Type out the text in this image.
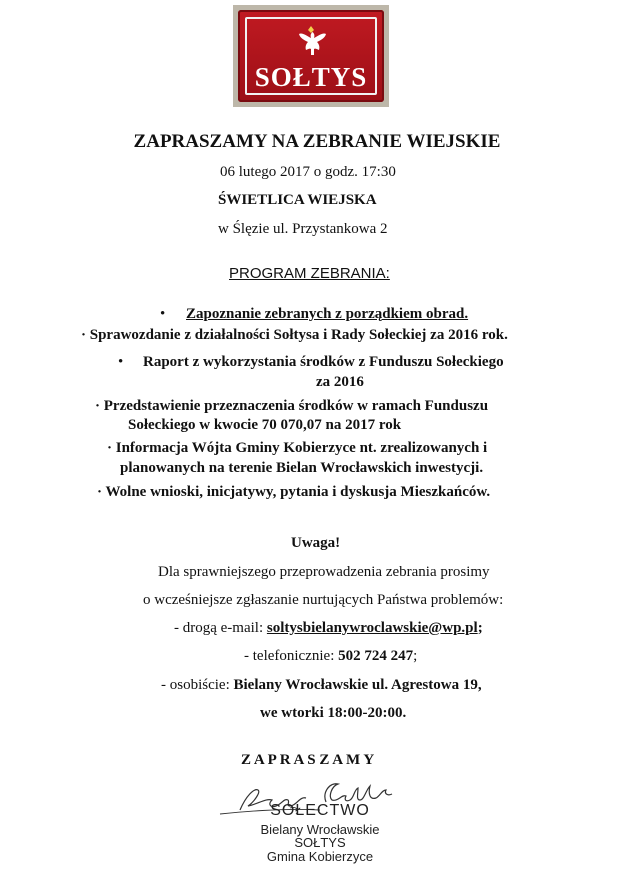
SOŁTYS
ZAPRASZAMY NA ZEBRANIE WIEJSKIE
06 lutego 2017 o godz. 17:30
ŚWIETLICA WIEJSKA
w Ślęzie ul. Przystankowa 2
PROGRAM ZEBRANIA:
• Zapoznanie zebranych z porządkiem obrad.
· Sprawozdanie z działalności Sołtysa i Rady Sołeckiej za 2016 rok.
• Raport z wykorzystania środków z Funduszu Sołeckiego
za 2016
· Przedstawienie przeznaczenia środków w ramach Funduszu
Sołeckiego w kwocie 70 070,07 na 2017 rok
· Informacja Wójta Gminy Kobierzyce nt. zrealizowanych i
planowanych na terenie Bielan Wrocławskich inwestycji.
· Wolne wnioski, inicjatywy, pytania i dyskusja Mieszkańców.
Uwaga!
Dla sprawniejszego przeprowadzenia zebrania prosimy
o wcześniejsze zgłaszanie nurtujących Państwa problemów:
- drogą e-mail: soltysbielanywroclawskie@wp.pl;
- telefonicznie: 502 724 247;
- osobiście: Bielany Wrocławskie ul. Agrestowa 19,
we wtorki 18:00-20:00.
Z A P R A S Z A M Y
SOŁECTWO
Bielany Wrocławskie
SOŁTYS
Gmina Kobierzyce
